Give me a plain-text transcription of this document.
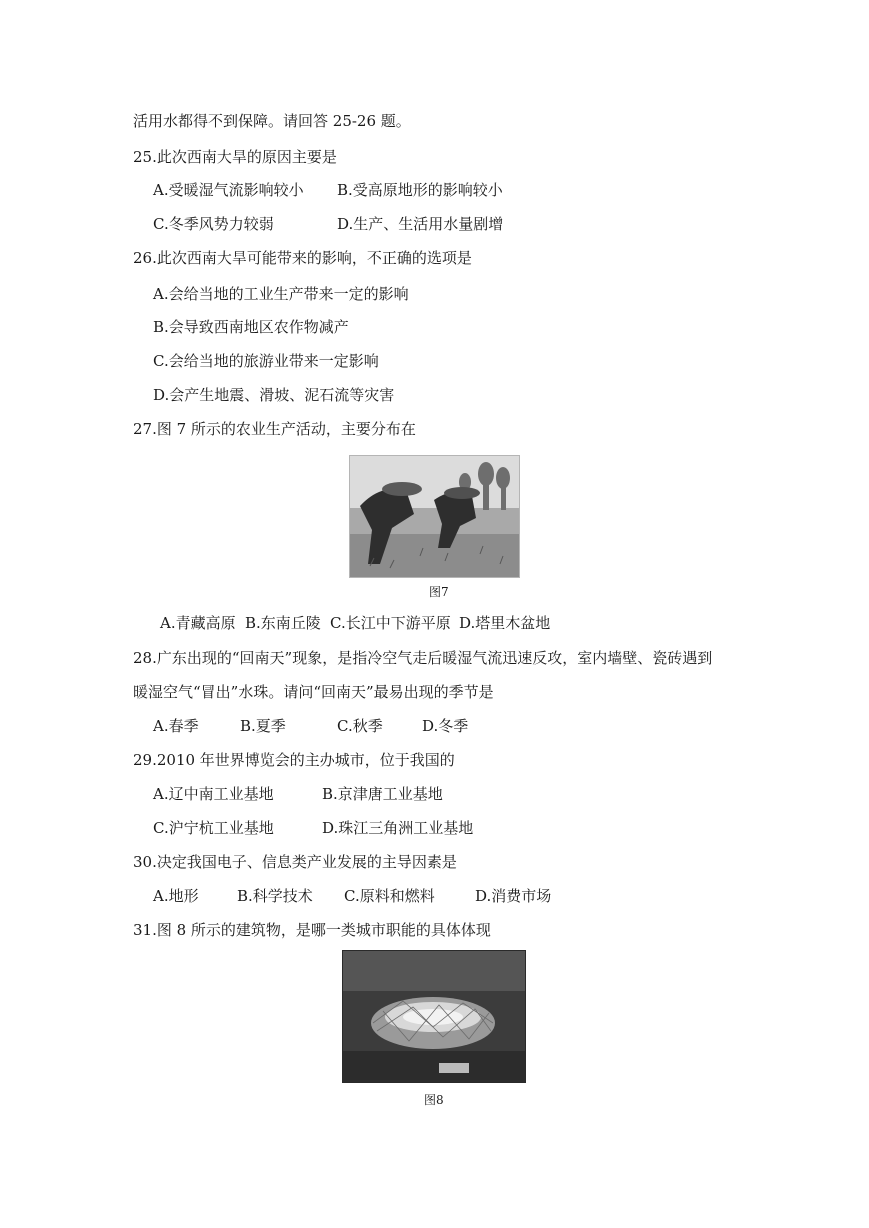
活用水都得不到保障。请回答 25-26 题。
25.此次西南大旱的原因主要是
A.受暖湿气流影响较小 B.受高原地形的影响较小
C.冬季风势力较弱	D.生产、生活用水量剧增
26.此次西南大旱可能带来的影响，不正确的选项是
A.会给当地的工业生产带来一定的影响
B.会导致西南地区农作物减产
C.会给当地的旅游业带来一定影响
D.会产生地震、滑坡、泥石流等灾害
27.图 7 所示的农业生产活动，主要分布在
图7
A.青藏高原 B.东南丘陵 C.长江中下游平原 D.塔里木盆地
28.广东出现的“回南天”现象，是指冷空气走后暖湿气流迅速反攻，室内墙壁、瓷砖遇到
暖湿空气“冒出”水珠。请问“回南天”最易出现的季节是
A.春季	B.夏季	C.秋季	D.冬季
29.2010 年世界博览会的主办城市，位于我国的
A.辽中南工业基地	B.京津唐工业基地
C.沪宁杭工业基地	D.珠江三角洲工业基地
30.决定我国电子、信息类产业发展的主导因素是
A.地形	B.科学技术 C.原料和燃料	D.消费市场
31.图 8 所示的建筑物，是哪一类城市职能的具体体现
图8
